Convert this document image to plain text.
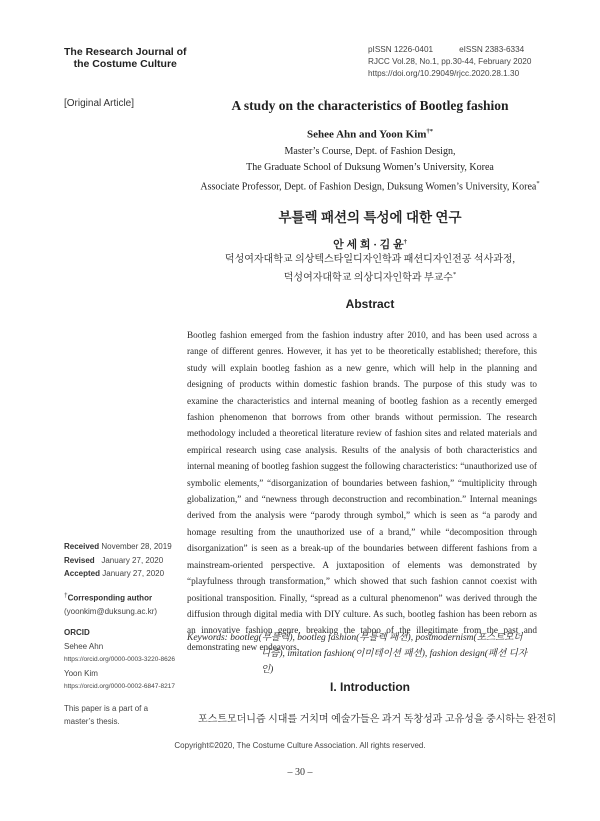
The Research Journal of
the Costume Culture
pISSN 1226-0401	eISSN 2383-6334
RJCC Vol.28, No.1, pp.30-44, February 2020
https://doi.org/10.29049/rjcc.2020.28.1.30
[Original Article]	A study on the characteristics of Bootleg fashion
Sehee Ahn and Yoon Kim†*
Master’s Course, Dept. of Fashion Design,
The Graduate School of Duksung Women’s University, Korea
Associate Professor, Dept. of Fashion Design, Duksung Women’s University, Korea*
부틀렉 패션의 특성에 대한 연구
안 세 희 · 김 윤†
덕성여자대학교 의상텍스타일디자인학과 패션디자인전공 석사과정,
덕성여자대학교 의상디자인학과 부교수*
Abstract

Bootleg fashion emerged from the fashion industry after 2010, and has been used across a range of different genres. However, it has yet to be theoretically established; therefore, this study will explain bootleg fashion as a new genre, which will help in the planning and designing of products within domestic fashion brands. The purpose of this study was to examine the characteristics and internal meaning of bootleg fashion as a recently emerged fashion phenomenon that borrows from other brands without permission. The research methodology included a theoretical literature review of fashion sites and related materials and empirical research using case analysis. Results of the analysis of both characteristics and internal meaning of bootleg fashion suggest the following characteristics: “unauthorized use of symbolic elements,” “disorganization of boundaries between fashion,” “multiplicity through globalization,” and “newness through deconstruction and recombination.” Internal meanings derived from the analysis were “parody through symbol,” which is seen as “a parody and homage resulting from the unauthorized use of a brand,” while “decomposition through disorganization” is seen as a break-up of the boundaries between different fashions from a mainstream-oriented perspective. A juxtaposition of elements was demonstrated by “playfulness through transformation,” which showed that such fashion cannot coexist with positional transposition. Finally, “spread as a cultural phenomenon” was derived through the diffusion through digital media with DIY culture. As such, bootleg fashion has been reborn as an innovative fashion genre, breaking the taboo of the illegitimate from the past and demonstrating new endeavors.

Keywords: bootleg(부틀렉), bootleg fashion(부틀렉 패션), postmodernism(포스트모더
니즘), imitation fashion(이미테이션 패션), fashion design(패션 디자인)
Received November 28, 2019
Revised January 27, 2020
Accepted January 27, 2020
†Corresponding author
(yoonkim@duksung.ac.kr)
ORCID
Sehee Ahn
https://orcid.org/0000-0003-3220-8626
Yoon Kim
https://orcid.org/0000-0002-6847-8217
This paper is a part of a
master’s thesis.
I. Introduction
포스트모더니즘 시대를 거치며 예술가들은 과거 독창성과 고유성을 중시하는 완전히
Copyright©2020, The Costume Culture Association. All rights reserved.
– 30 –
